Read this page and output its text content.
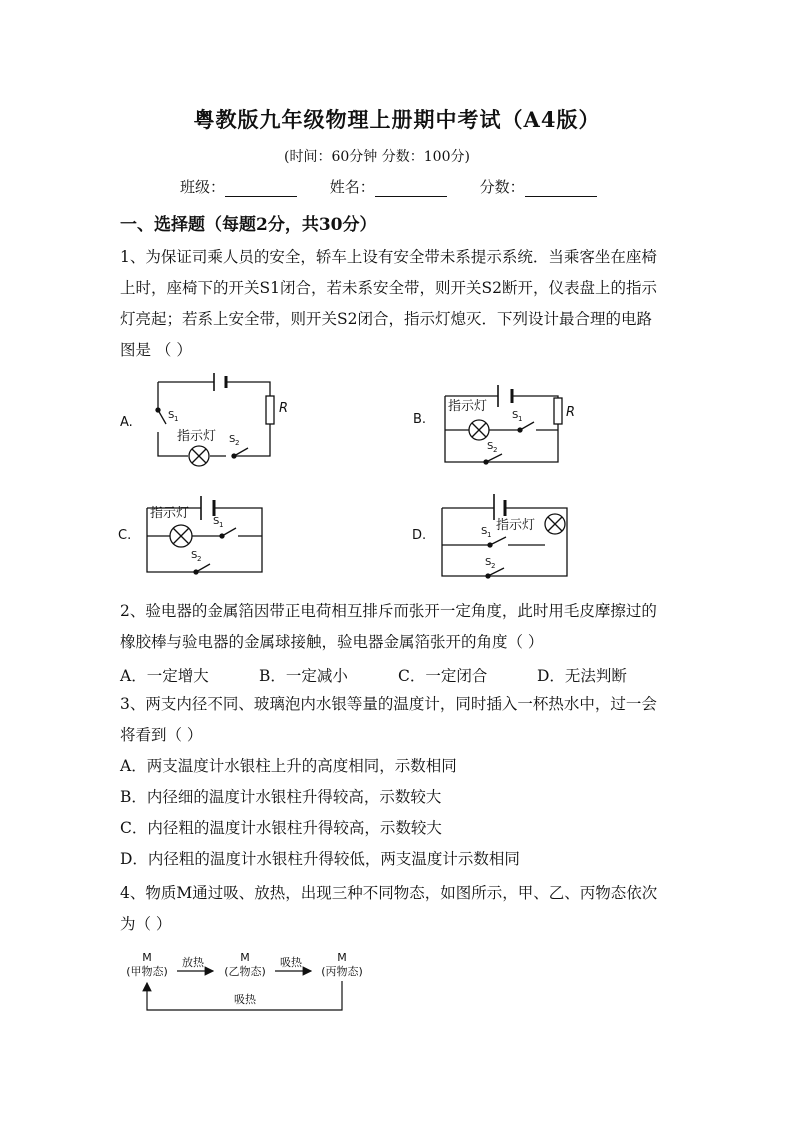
粤教版九年级物理上册期中考试（A4版）
(时间：60分钟 分数：100分)
班级：	姓名：	分数：
一、选择题（每题2分，共30分）
1、为保证司乘人员的安全，轿车上设有安全带未系提示系统．当乘客坐在座椅
上时，座椅下的开关S1闭合，若未系安全带，则开关S2断开，仪表盘上的指示
灯亮起；若系上安全带，则开关S2闭合，指示灯熄灭．下列设计最合理的电路
图是 （ ）
A.	S 1
指示灯 S 2
R
B.
指示灯
S 1
S 2
R
C.
指示灯
S 1
S 2
D.	S 1
指示灯
S 2
2、验电器的金属箔因带正电荷相互排斥而张开一定角度，此时用毛皮摩擦过的
橡胶棒与验电器的金属球接触，验电器金属箔张开的角度（ ）
A．一定增大	B．一定减小	C．一定闭合	D．无法判断
3、两支内径不同、玻璃泡内水银等量的温度计，同时插入一杯热水中，过一会
将看到（ ）
A．两支温度计水银柱上升的高度相同，示数相同
B．内径细的温度计水银柱升得较高，示数较大
C．内径粗的温度计水银柱升得较高，示数较大
D．内径粗的温度计水银柱升得较低，两支温度计示数相同
4、物质M通过吸、放热，出现三种不同物态，如图所示，甲、乙、丙物态依次
为（ ）
M
(甲物态)
M
(乙物态)
M
(丙物态)
放热	吸热
吸热
